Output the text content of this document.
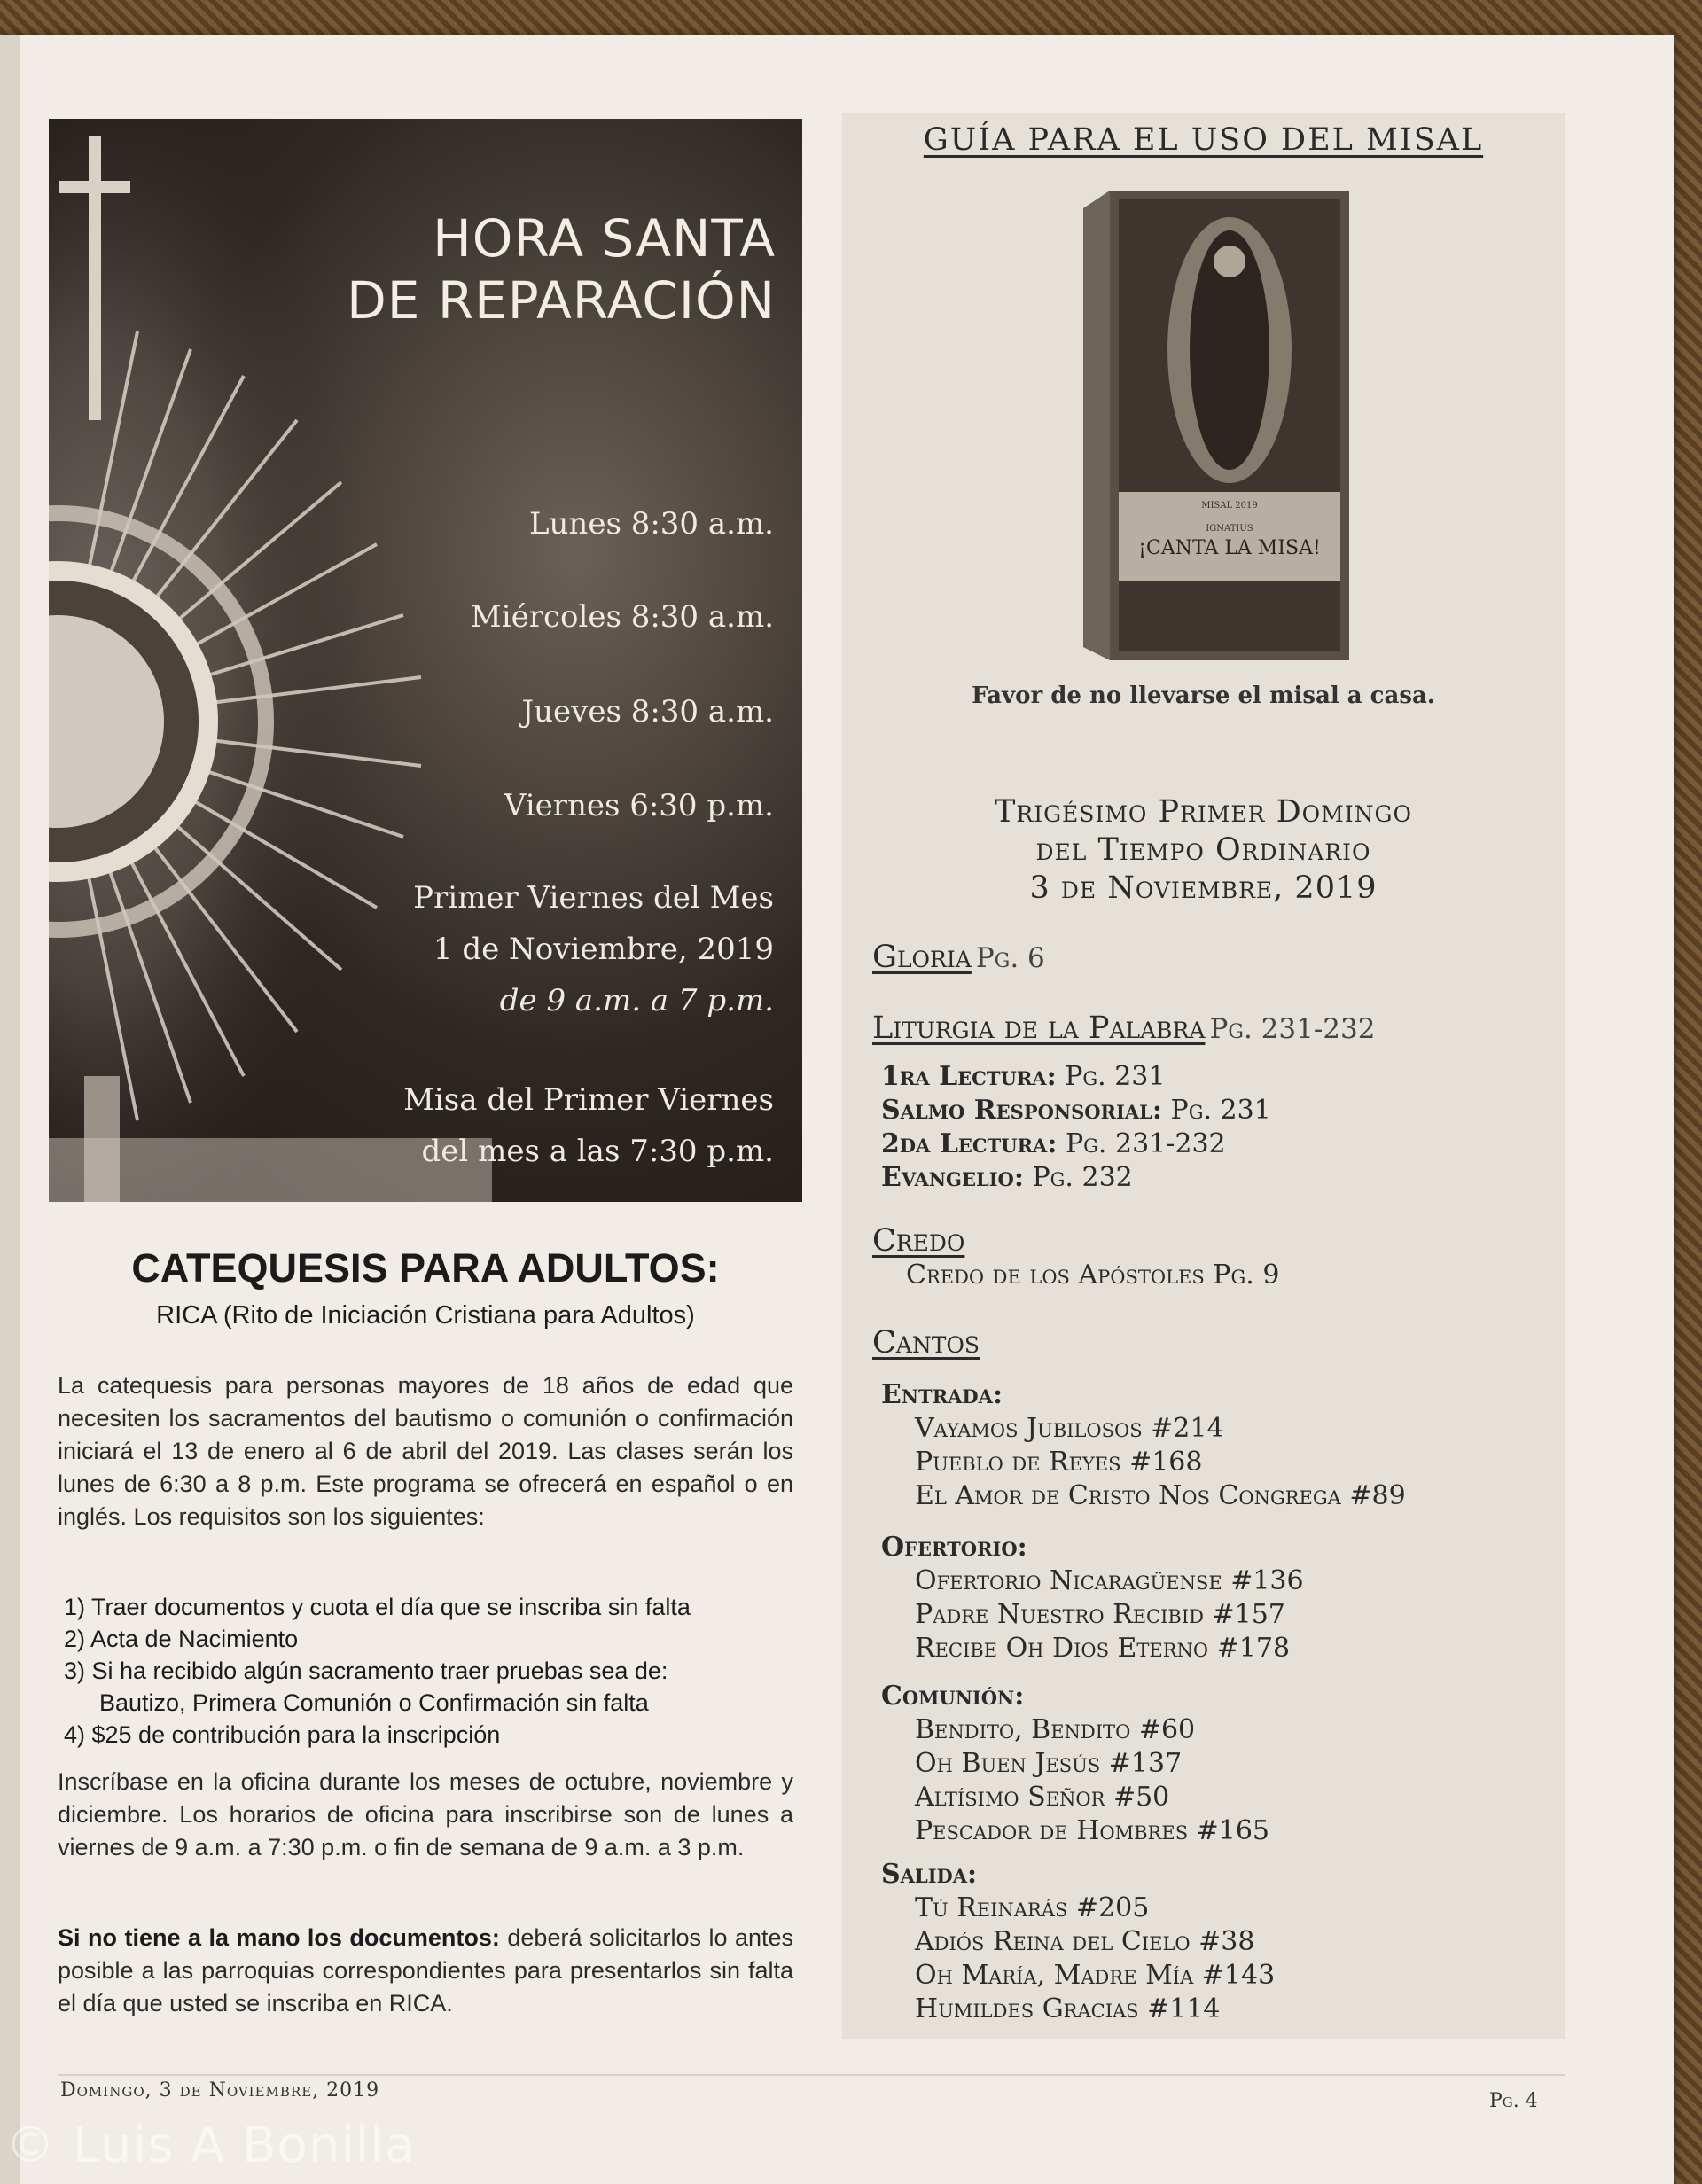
HORA SANTA
DE REPARACIÓN
Lunes 8:30 a.m.
Miércoles 8:30 a.m.
Jueves 8:30 a.m.
Viernes 6:30 p.m.
Primer Viernes del Mes
1 de Noviembre, 2019
de 9 a.m. a 7 p.m.
Misa del Primer Viernes
del mes a las 7:30 p.m.
CATEQUESIS PARA ADULTOS:
RICA (Rito de Iniciación Cristiana para Adultos)
La catequesis para personas mayores de 18 años de edad que necesiten los sacramentos del bautismo o comunión o confirmación iniciará el 13 de enero al 6 de abril del 2019. Las clases serán los lunes de 6:30 a 8 p.m. Este programa se ofrecerá en español o en inglés. Los requisitos son los siguientes:
1) Traer documentos y cuota el día que se inscriba sin falta
2) Acta de Nacimiento
3) Si ha recibido algún sacramento traer pruebas sea de:
Bautizo, Primera Comunión o Confirmación sin falta
4) $25 de contribución para la inscripción
Inscríbase en la oficina durante los meses de octubre, noviembre y diciembre. Los horarios de oficina para inscribirse son de lunes a viernes de 9 a.m. a 7:30 p.m. o fin de semana de 9 a.m. a 3 p.m.
Si no tiene a la mano los documentos: deberá solicitarlos lo antes posible a las parroquias correspondientes para presentarlos sin falta el día que usted se inscriba en RICA.
GUÍA PARA EL USO DEL MISAL
MISAL 2019
IGNATIUS
¡CANTA LA MISA!
Favor de no llevarse el misal a casa.
Trigésimo Primer Domingo
del Tiempo Ordinario
3 de Noviembre, 2019
Gloria Pg. 6
Liturgia de la Palabra Pg. 231-232
1ra Lectura: Pg. 231
Salmo Responsorial: Pg. 231
2da Lectura: Pg. 231-232
Evangelio: Pg. 232
Credo
Credo de los Apóstoles Pg. 9
Cantos
Entrada:
Vayamos Jubilosos #214
Pueblo de Reyes #168
El Amor de Cristo Nos Congrega #89
Ofertorio:
Ofertorio Nicaragüense #136
Padre Nuestro Recibid #157
Recibe Oh Dios Eterno #178
Comunión:
Bendito, Bendito #60
Oh Buen Jesús #137
Altísimo Señor #50
Pescador de Hombres #165
Salida:
Tú Reinarás #205
Adiós Reina del Cielo #38
Oh María, Madre Mía #143
Humildes Gracias #114
Domingo, 3 de Noviembre, 2019	Pg. 4
© Luis A Bonilla
